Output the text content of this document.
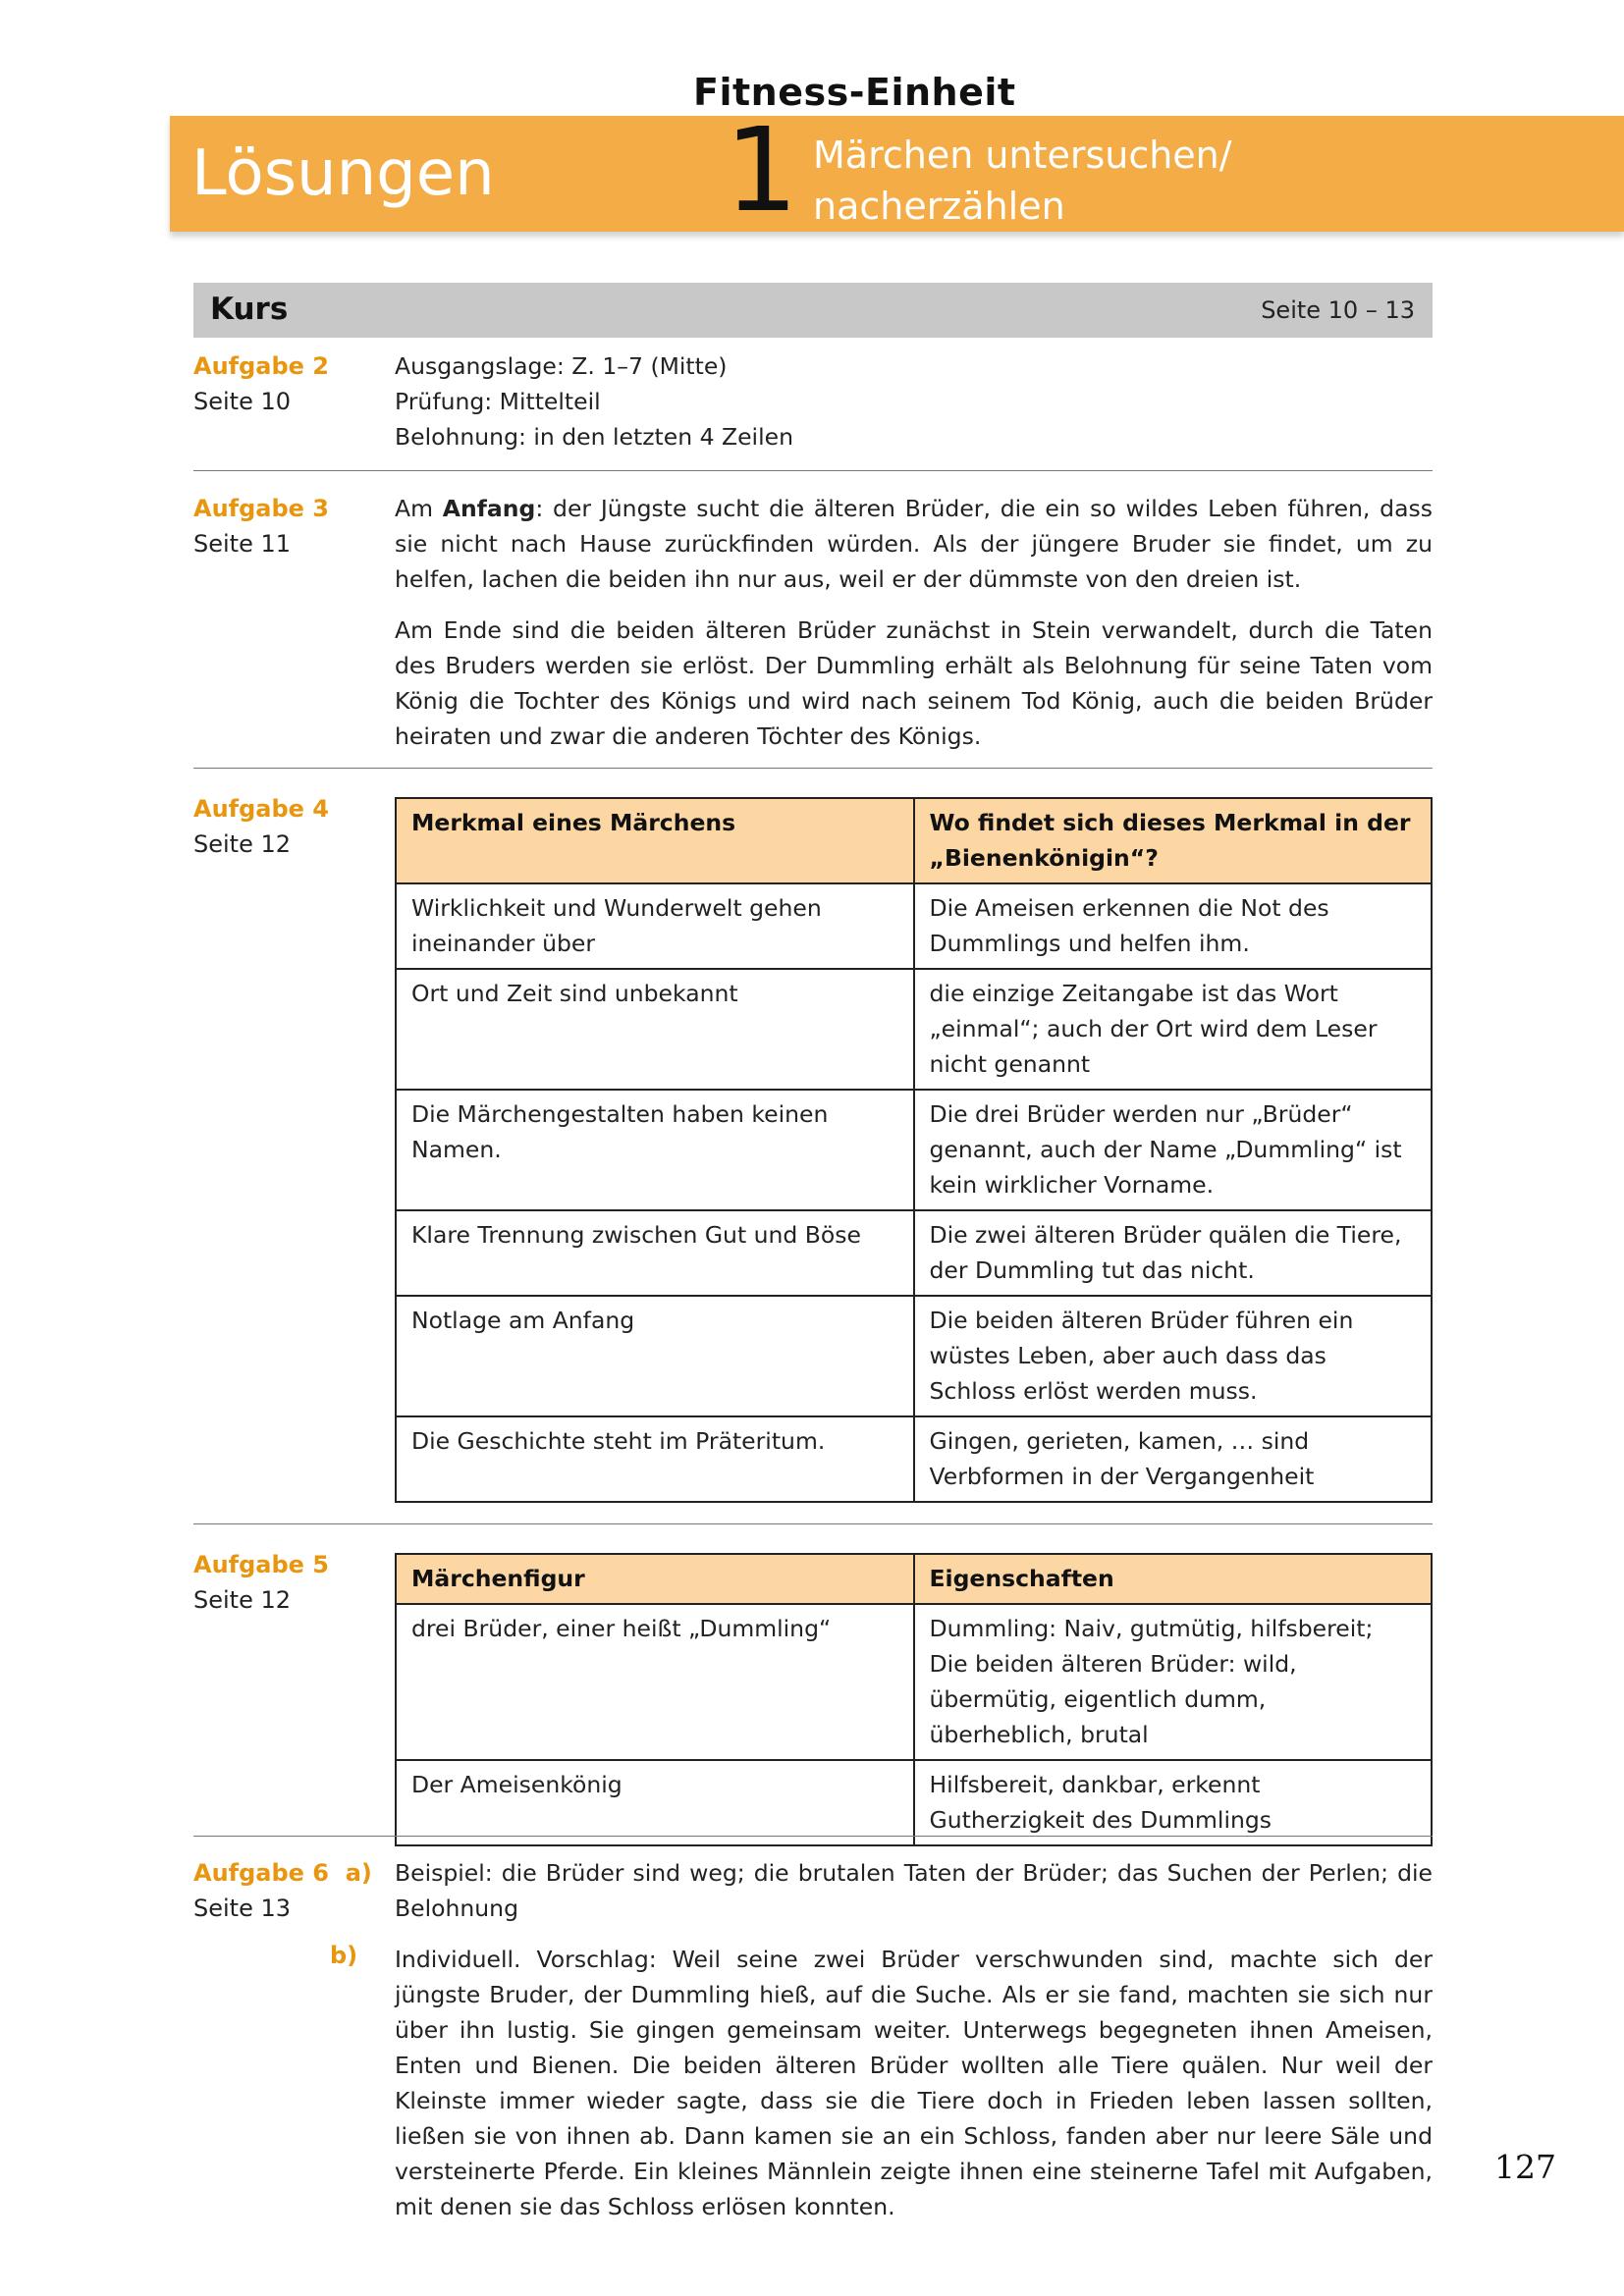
Fitness-Einheit
Lösungen 1 Märchen untersuchen/
nacherzählen
Kurs	Seite 10 – 13
Aufgabe 2
Seite 10
Ausgangslage: Z. 1–7 (Mitte)
Prüfung: Mittelteil
Belohnung: in den letzten 4 Zeilen
Aufgabe 3
Seite 11

Am Anfang: der Jüngste sucht die älteren Brüder, die ein so wildes Leben führen, dass sie nicht nach Hause zurückfinden würden. Als der jüngere Bruder sie findet, um zu helfen, lachen die beiden ihn nur aus, weil er der dümmste von den dreien ist.

Am Ende sind die beiden älteren Brüder zunächst in Stein verwandelt, durch die Taten des Bruders werden sie erlöst. Der Dummling erhält als Belohnung für seine Taten vom König die Tochter des Königs und wird nach seinem Tod König, auch die beiden Brüder heiraten und zwar die anderen Töchter des Königs.

Aufgabe 4
Seite 12
Merkmal eines Märchens	Wo findet sich dieses Merkmal in der „Bienenkönigin“?
Wirklichkeit und Wunderwelt gehen ineinander über	Die Ameisen erkennen die Not des Dummlings und helfen ihm.
Ort und Zeit sind unbekannt	die einzige Zeitangabe ist das Wort „einmal“; auch der Ort wird dem Leser nicht genannt
Die Märchengestalten haben keinen Namen.	Die drei Brüder werden nur „Brüder“ genannt, auch der Name „Dummling“ ist kein wirklicher Vorname.
Klare Trennung zwischen Gut und Böse	Die zwei älteren Brüder quälen die Tiere, der Dummling tut das nicht.
Notlage am Anfang	Die beiden älteren Brüder führen ein wüstes Leben, aber auch dass das Schloss erlöst werden muss.
Die Geschichte steht im Präteritum.	Gingen, gerieten, kamen, … sind Verbformen in der Vergangenheit
Aufgabe 5
Seite 12
Märchenfigur	Eigenschaften
drei Brüder, einer heißt „Dummling“	Dummling: Naiv, gutmütig, hilfsbereit; Die beiden älteren Brüder: wild, übermütig, eigentlich dumm, überheblich, brutal
Der Ameisenkönig	Hilfsbereit, dankbar, erkennt Gutherzigkeit des Dummlings
Aufgabe 6 a)
Seite 13

Beispiel: die Brüder sind weg; die brutalen Taten der Brüder; das Suchen der Perlen; die Belohnung

b) Individuell. Vorschlag: Weil seine zwei Brüder verschwunden sind, machte sich der jüngste Bruder, der Dummling hieß, auf die Suche. Als er sie fand, machten sie sich nur über ihn lustig. Sie gingen gemeinsam weiter. Unterwegs begegneten ihnen Ameisen, Enten und Bienen. Die beiden älteren Brüder wollten alle Tiere quälen. Nur weil der Kleinste immer wieder sagte, dass sie die Tiere doch in Frieden leben lassen sollten, ließen sie von ihnen ab. Dann kamen sie an ein Schloss, fanden aber nur leere Säle und versteinerte Pferde. Ein kleines Männlein zeigte ihnen eine steinerne Tafel mit Aufgaben, mit denen sie das Schloss erlösen konnten.

127
